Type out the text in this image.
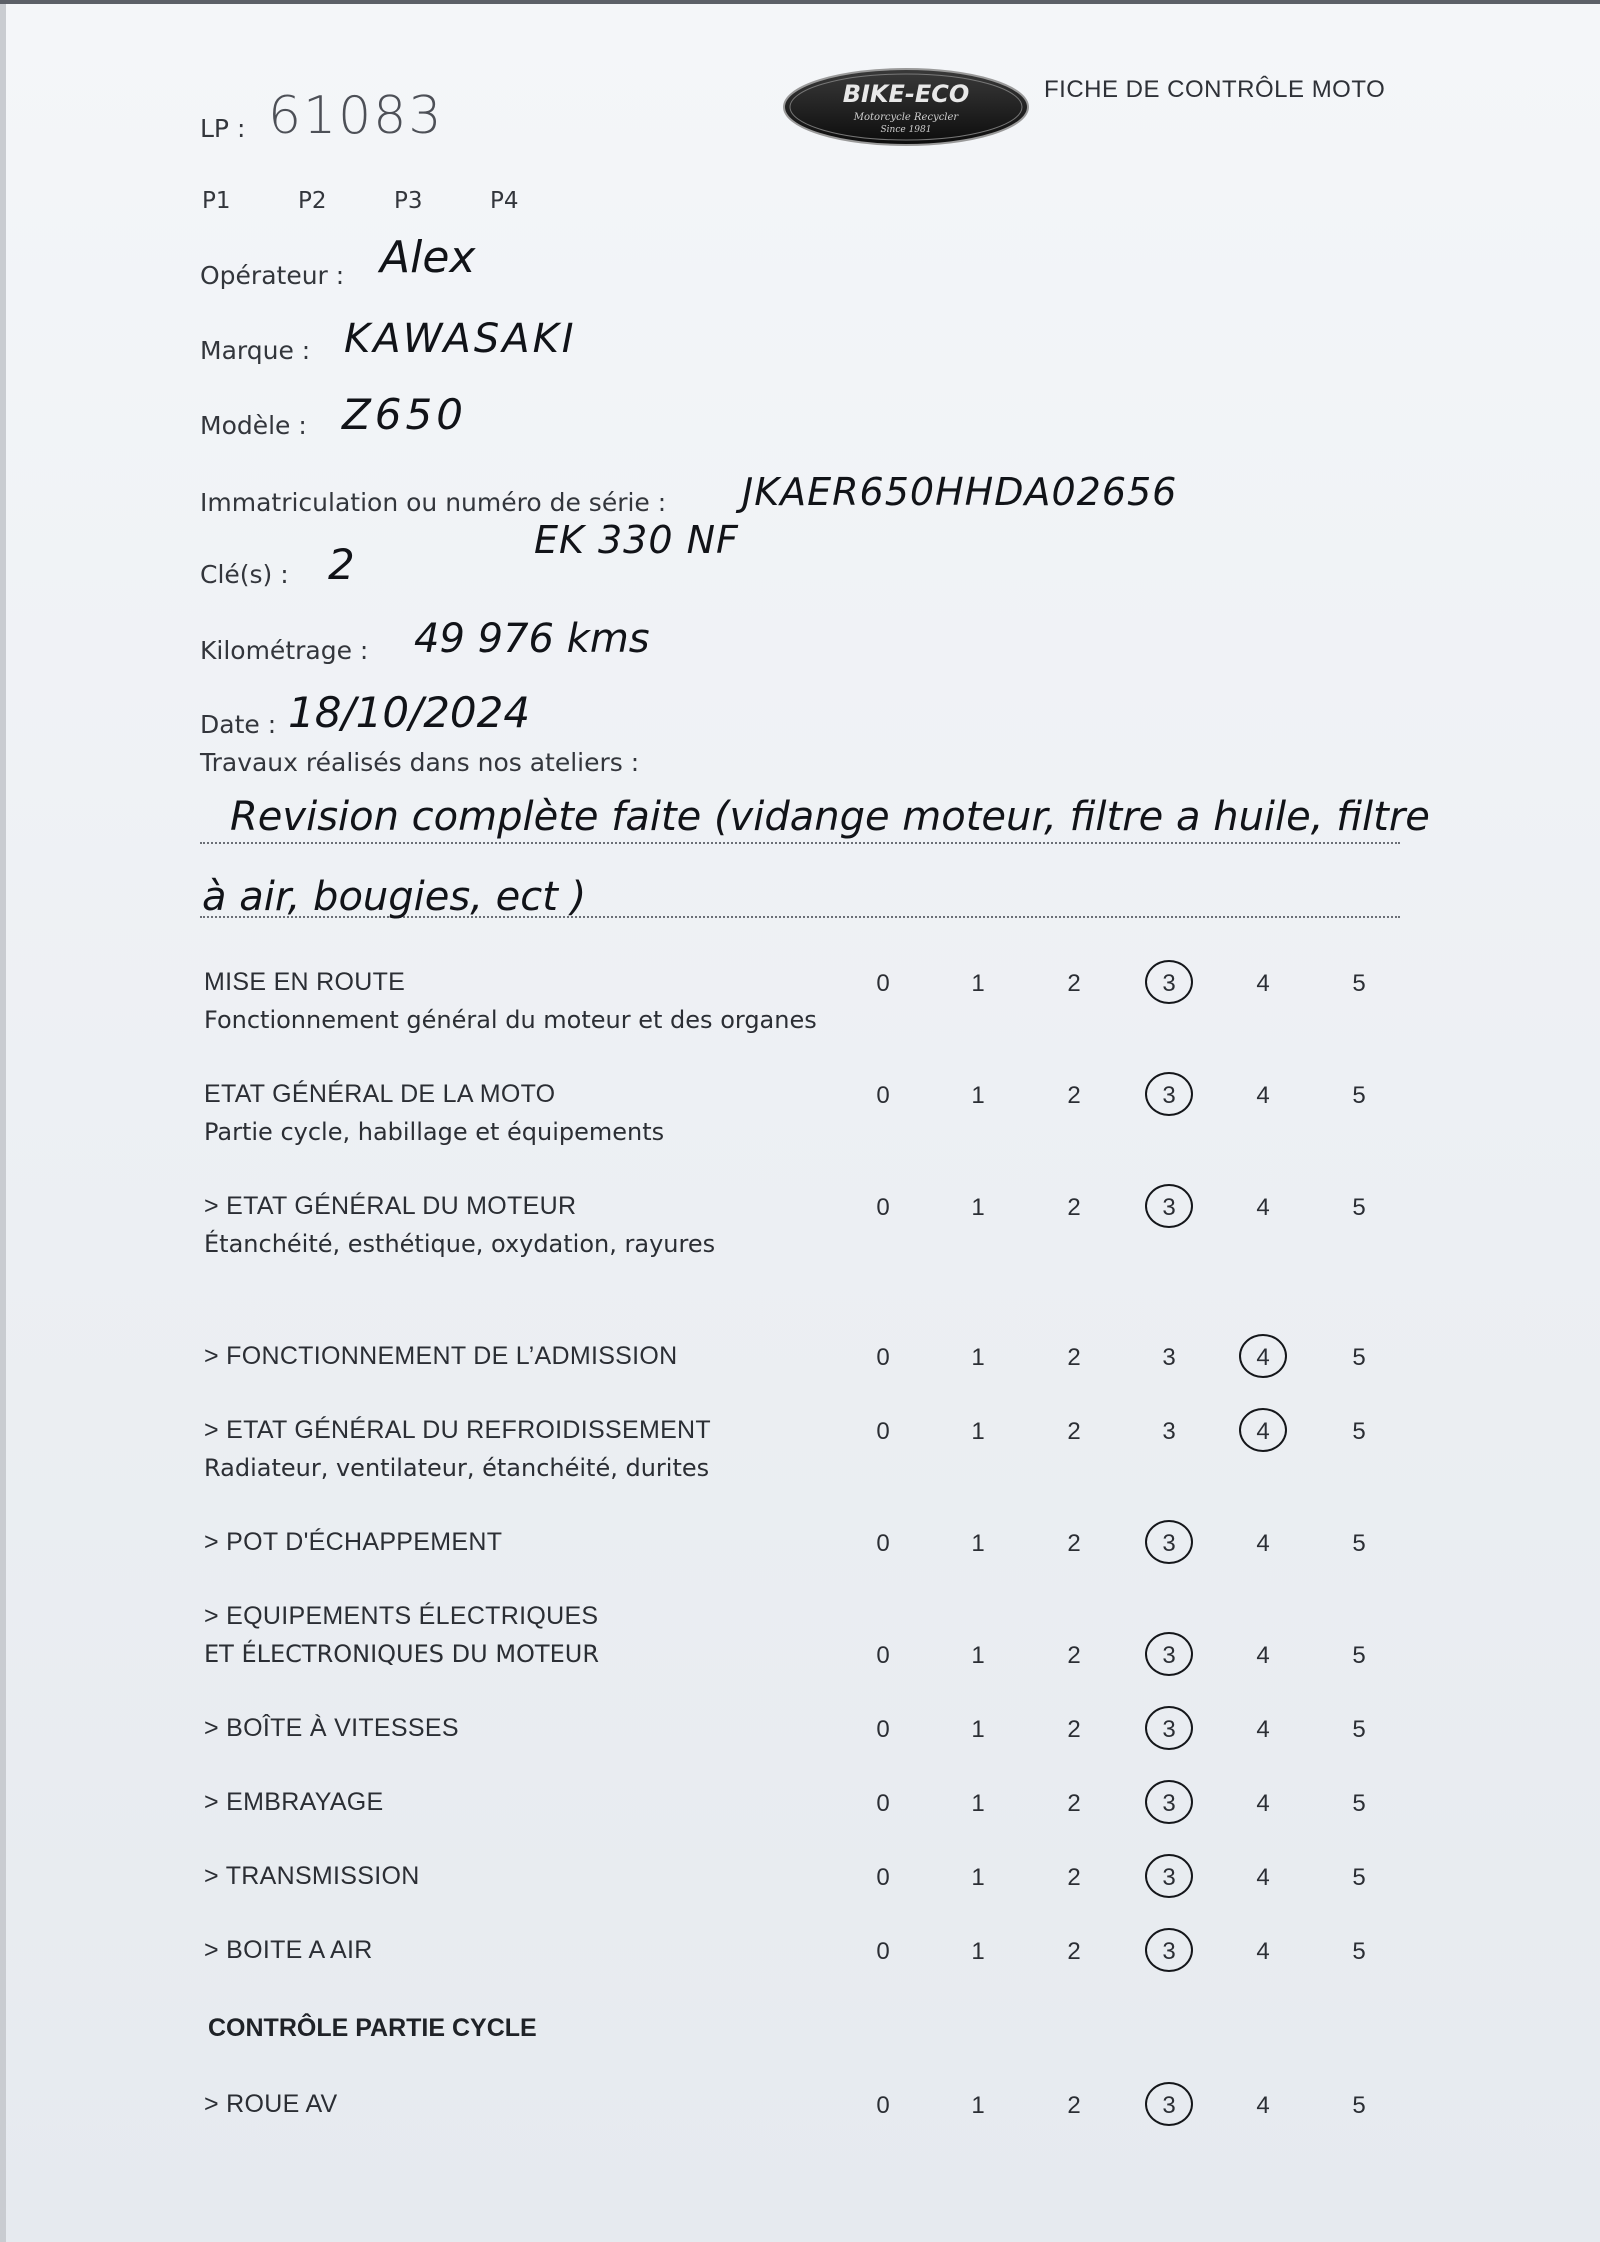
LP : 61083
P1	P2	P3	P4
BIKE-ECO
Motorcycle Recycler
Since 1981
FICHE DE CONTRÔLE MOTO
Opérateur : Alex
Marque : KAWASAKI
Modèle : Z650
Immatriculation ou numéro de série : JKAER650HHDA02656
EK 330 NF
Clé(s) : 2
Kilométrage : 49 976 kms
Date : 18/10/2024
Travaux réalisés dans nos ateliers :
Revision complète faite (vidange moteur, filtre a huile, filtre
à air, bougies, ect )
CONTRÔLE PARTIE CYCLE
MISE EN ROUTE
Fonctionnement général du moteur et des organes
0	1	2	3	4	5
ETAT GÉNÉRAL DE LA MOTO
Partie cycle, habillage et équipements
0	1	2	3	4	5
> ETAT GÉNÉRAL DU MOTEUR
Étanchéité, esthétique, oxydation, rayures
0	1	2	3	4	5
> FONCTIONNEMENT DE L’ADMISSION	0	1	2	3	4	5
> ETAT GÉNÉRAL DU REFROIDISSEMENT
Radiateur, ventilateur, étanchéité, durites
0	1	2	3	4	5
> POT D'ÉCHAPPEMENT	0	1	2	3	4	5
> EQUIPEMENTS ÉLECTRIQUES
ET ÉLECTRONIQUES DU MOTEUR	0	1	2	3	4	5
> BOÎTE À VITESSES	0	1	2	3	4	5
> EMBRAYAGE	0	1	2	3	4	5
> TRANSMISSION	0	1	2	3	4	5
> BOITE A AIR	0	1	2	3	4	5
> ROUE AV	0	1	2	3	4	5
